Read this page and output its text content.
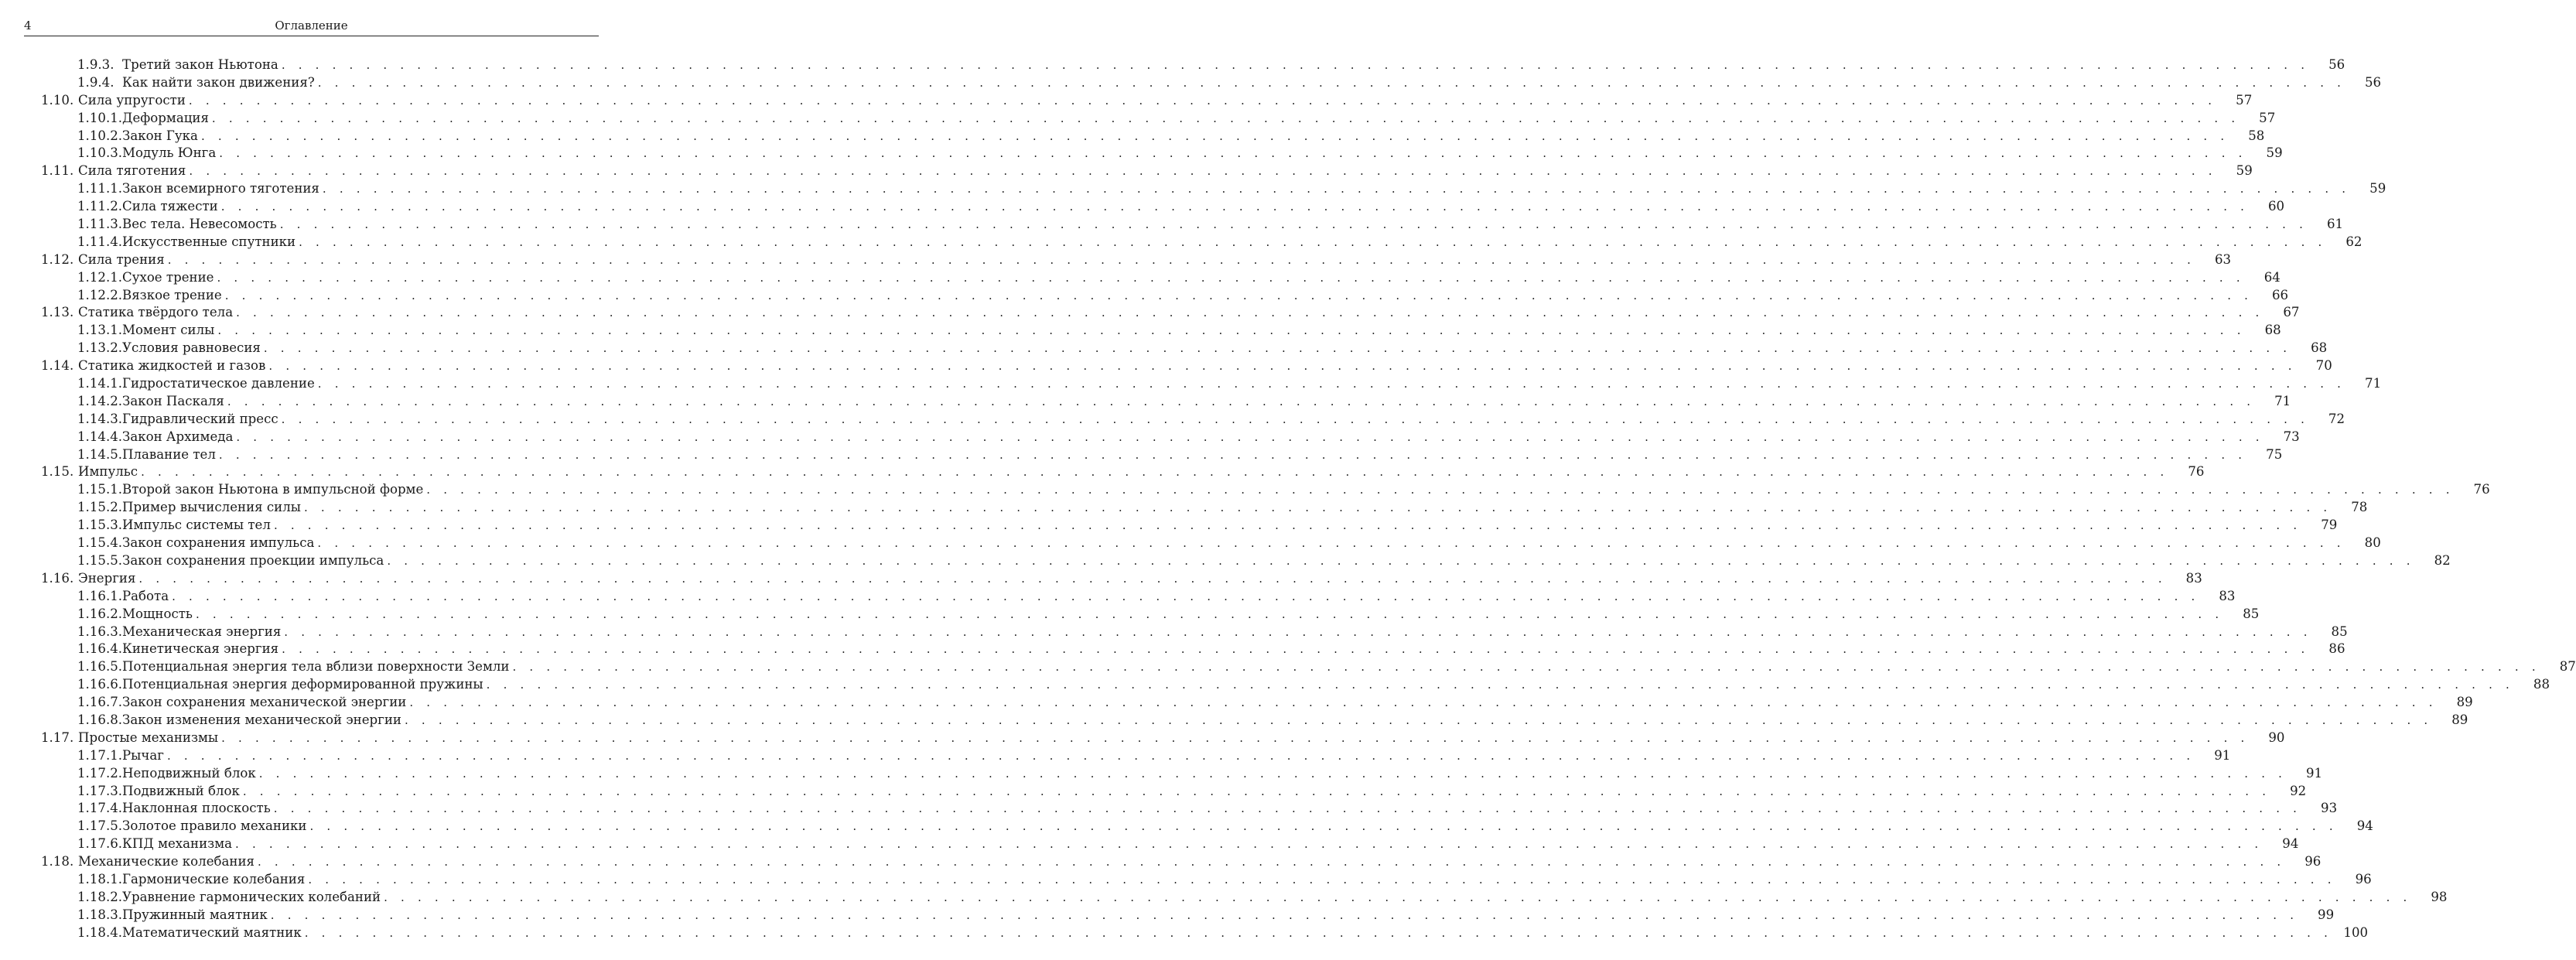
4	Оглавление
1.9.3. Третий закон Ньютона . . . . . . . . . . . . . . . . . . . . . . . . . . . . . . . . . . . . . . . . . . . . . . . . . . . . . . . . . . . . . . . . . . . . . . . . . . . . . . . . . . . . . . . . . . . . . . . . . . . . . . . . . . . . . . . . . . . . . . . .	56
1.9.4. Как найти закон движения? . . . . . . . . . . . . . . . . . . . . . . . . . . . . . . . . . . . . . . . . . . . . . . . . . . . . . . . . . . . . . . . . . . . . . . . . . . . . . . . . . . . . . . . . . . . . . . . . . . . . . . . . . . . . . . . . . . . . . . . .	56
1.10. Сила упругости . . . . . . . . . . . . . . . . . . . . . . . . . . . . . . . . . . . . . . . . . . . . . . . . . . . . . . . . . . . . . . . . . . . . . . . . . . . . . . . . . . . . . . . . . . . . . . . . . . . . . . . . . . . . . . . . . . . . . . . .	57
1.10.1. Деформация . . . . . . . . . . . . . . . . . . . . . . . . . . . . . . . . . . . . . . . . . . . . . . . . . . . . . . . . . . . . . . . . . . . . . . . . . . . . . . . . . . . . . . . . . . . . . . . . . . . . . . . . . . . . . . . . . . . . . . . .	57
1.10.2. Закон Гука . . . . . . . . . . . . . . . . . . . . . . . . . . . . . . . . . . . . . . . . . . . . . . . . . . . . . . . . . . . . . . . . . . . . . . . . . . . . . . . . . . . . . . . . . . . . . . . . . . . . . . . . . . . . . . . . . . . . . . . .	58
1.10.3. Модуль Юнга . . . . . . . . . . . . . . . . . . . . . . . . . . . . . . . . . . . . . . . . . . . . . . . . . . . . . . . . . . . . . . . . . . . . . . . . . . . . . . . . . . . . . . . . . . . . . . . . . . . . . . . . . . . . . . . . . . . . . . . .	59
1.11. Сила тяготения . . . . . . . . . . . . . . . . . . . . . . . . . . . . . . . . . . . . . . . . . . . . . . . . . . . . . . . . . . . . . . . . . . . . . . . . . . . . . . . . . . . . . . . . . . . . . . . . . . . . . . . . . . . . . . . . . . . . . . . .	59
1.11.1. Закон всемирного тяготения . . . . . . . . . . . . . . . . . . . . . . . . . . . . . . . . . . . . . . . . . . . . . . . . . . . . . . . . . . . . . . . . . . . . . . . . . . . . . . . . . . . . . . . . . . . . . . . . . . . . . . . . . . . . . . . . . . . . . . . .	59
1.11.2. Сила тяжести . . . . . . . . . . . . . . . . . . . . . . . . . . . . . . . . . . . . . . . . . . . . . . . . . . . . . . . . . . . . . . . . . . . . . . . . . . . . . . . . . . . . . . . . . . . . . . . . . . . . . . . . . . . . . . . . . . . . . . . .	60
1.11.3. Вес тела. Невесомость . . . . . . . . . . . . . . . . . . . . . . . . . . . . . . . . . . . . . . . . . . . . . . . . . . . . . . . . . . . . . . . . . . . . . . . . . . . . . . . . . . . . . . . . . . . . . . . . . . . . . . . . . . . . . . . . . . . . . . . .	61
1.11.4. Искусственные спутники . . . . . . . . . . . . . . . . . . . . . . . . . . . . . . . . . . . . . . . . . . . . . . . . . . . . . . . . . . . . . . . . . . . . . . . . . . . . . . . . . . . . . . . . . . . . . . . . . . . . . . . . . . . . . . . . . . . . . . . .	62
1.12. Сила трения . . . . . . . . . . . . . . . . . . . . . . . . . . . . . . . . . . . . . . . . . . . . . . . . . . . . . . . . . . . . . . . . . . . . . . . . . . . . . . . . . . . . . . . . . . . . . . . . . . . . . . . . . . . . . . . . . . . . . . . .	63
1.12.1. Сухое трение . . . . . . . . . . . . . . . . . . . . . . . . . . . . . . . . . . . . . . . . . . . . . . . . . . . . . . . . . . . . . . . . . . . . . . . . . . . . . . . . . . . . . . . . . . . . . . . . . . . . . . . . . . . . . . . . . . . . . . . .	64
1.12.2. Вязкое трение . . . . . . . . . . . . . . . . . . . . . . . . . . . . . . . . . . . . . . . . . . . . . . . . . . . . . . . . . . . . . . . . . . . . . . . . . . . . . . . . . . . . . . . . . . . . . . . . . . . . . . . . . . . . . . . . . . . . . . . .	66
1.13. Статика твёрдого тела . . . . . . . . . . . . . . . . . . . . . . . . . . . . . . . . . . . . . . . . . . . . . . . . . . . . . . . . . . . . . . . . . . . . . . . . . . . . . . . . . . . . . . . . . . . . . . . . . . . . . . . . . . . . . . . . . . . . . . . .	67
1.13.1. Момент силы . . . . . . . . . . . . . . . . . . . . . . . . . . . . . . . . . . . . . . . . . . . . . . . . . . . . . . . . . . . . . . . . . . . . . . . . . . . . . . . . . . . . . . . . . . . . . . . . . . . . . . . . . . . . . . . . . . . . . . . .	68
1.13.2. Условия равновесия . . . . . . . . . . . . . . . . . . . . . . . . . . . . . . . . . . . . . . . . . . . . . . . . . . . . . . . . . . . . . . . . . . . . . . . . . . . . . . . . . . . . . . . . . . . . . . . . . . . . . . . . . . . . . . . . . . . . . . . .	68
1.14. Статика жидкостей и газов . . . . . . . . . . . . . . . . . . . . . . . . . . . . . . . . . . . . . . . . . . . . . . . . . . . . . . . . . . . . . . . . . . . . . . . . . . . . . . . . . . . . . . . . . . . . . . . . . . . . . . . . . . . . . . . . . . . . . . . .	70
1.14.1. Гидростатическое давление . . . . . . . . . . . . . . . . . . . . . . . . . . . . . . . . . . . . . . . . . . . . . . . . . . . . . . . . . . . . . . . . . . . . . . . . . . . . . . . . . . . . . . . . . . . . . . . . . . . . . . . . . . . . . . . . . . . . . . . .	71
1.14.2. Закон Паскаля . . . . . . . . . . . . . . . . . . . . . . . . . . . . . . . . . . . . . . . . . . . . . . . . . . . . . . . . . . . . . . . . . . . . . . . . . . . . . . . . . . . . . . . . . . . . . . . . . . . . . . . . . . . . . . . . . . . . . . . .	71
1.14.3. Гидравлический пресс . . . . . . . . . . . . . . . . . . . . . . . . . . . . . . . . . . . . . . . . . . . . . . . . . . . . . . . . . . . . . . . . . . . . . . . . . . . . . . . . . . . . . . . . . . . . . . . . . . . . . . . . . . . . . . . . . . . . . . . .	72
1.14.4. Закон Архимеда . . . . . . . . . . . . . . . . . . . . . . . . . . . . . . . . . . . . . . . . . . . . . . . . . . . . . . . . . . . . . . . . . . . . . . . . . . . . . . . . . . . . . . . . . . . . . . . . . . . . . . . . . . . . . . . . . . . . . . . .	73
1.14.5. Плавание тел . . . . . . . . . . . . . . . . . . . . . . . . . . . . . . . . . . . . . . . . . . . . . . . . . . . . . . . . . . . . . . . . . . . . . . . . . . . . . . . . . . . . . . . . . . . . . . . . . . . . . . . . . . . . . . . . . . . . . . . .	75
1.15. Импульс . . . . . . . . . . . . . . . . . . . . . . . . . . . . . . . . . . . . . . . . . . . . . . . . . . . . . . . . . . . . . . . . . . . . . . . . . . . . . . . . . . . . . . . . . . . . . . . . . . . . . . . . . . . . . . . . . . . . . . . .	76
1.15.1. Второй закон Ньютона в импульсной форме . . . . . . . . . . . . . . . . . . . . . . . . . . . . . . . . . . . . . . . . . . . . . . . . . . . . . . . . . . . . . . . . . . . . . . . . . . . . . . . . . . . . . . . . . . . . . . . . . . . . . . . . . . . . . . . . . . . . . . . .	76
1.15.2. Пример вычисления силы . . . . . . . . . . . . . . . . . . . . . . . . . . . . . . . . . . . . . . . . . . . . . . . . . . . . . . . . . . . . . . . . . . . . . . . . . . . . . . . . . . . . . . . . . . . . . . . . . . . . . . . . . . . . . . . . . . . . . . . .	78
1.15.3. Импульс системы тел . . . . . . . . . . . . . . . . . . . . . . . . . . . . . . . . . . . . . . . . . . . . . . . . . . . . . . . . . . . . . . . . . . . . . . . . . . . . . . . . . . . . . . . . . . . . . . . . . . . . . . . . . . . . . . . . . . . . . . . .	79
1.15.4. Закон сохранения импульса . . . . . . . . . . . . . . . . . . . . . . . . . . . . . . . . . . . . . . . . . . . . . . . . . . . . . . . . . . . . . . . . . . . . . . . . . . . . . . . . . . . . . . . . . . . . . . . . . . . . . . . . . . . . . . . . . . . . . . . .	80
1.15.5. Закон сохранения проекции импульса . . . . . . . . . . . . . . . . . . . . . . . . . . . . . . . . . . . . . . . . . . . . . . . . . . . . . . . . . . . . . . . . . . . . . . . . . . . . . . . . . . . . . . . . . . . . . . . . . . . . . . . . . . . . . . . . . . . . . . . .	82
1.16. Энергия . . . . . . . . . . . . . . . . . . . . . . . . . . . . . . . . . . . . . . . . . . . . . . . . . . . . . . . . . . . . . . . . . . . . . . . . . . . . . . . . . . . . . . . . . . . . . . . . . . . . . . . . . . . . . . . . . . . . . . . .	83
1.16.1. Работа . . . . . . . . . . . . . . . . . . . . . . . . . . . . . . . . . . . . . . . . . . . . . . . . . . . . . . . . . . . . . . . . . . . . . . . . . . . . . . . . . . . . . . . . . . . . . . . . . . . . . . . . . . . . . . . . . . . . . . . .	83
1.16.2. Мощность . . . . . . . . . . . . . . . . . . . . . . . . . . . . . . . . . . . . . . . . . . . . . . . . . . . . . . . . . . . . . . . . . . . . . . . . . . . . . . . . . . . . . . . . . . . . . . . . . . . . . . . . . . . . . . . . . . . . . . . .	85
1.16.3. Механическая энергия . . . . . . . . . . . . . . . . . . . . . . . . . . . . . . . . . . . . . . . . . . . . . . . . . . . . . . . . . . . . . . . . . . . . . . . . . . . . . . . . . . . . . . . . . . . . . . . . . . . . . . . . . . . . . . . . . . . . . . . .	85
1.16.4. Кинетическая энергия . . . . . . . . . . . . . . . . . . . . . . . . . . . . . . . . . . . . . . . . . . . . . . . . . . . . . . . . . . . . . . . . . . . . . . . . . . . . . . . . . . . . . . . . . . . . . . . . . . . . . . . . . . . . . . . . . . . . . . . .	86
1.16.5. Потенциальная энергия тела вблизи поверхности Земли . . . . . . . . . . . . . . . . . . . . . . . . . . . . . . . . . . . . . . . . . . . . . . . . . . . . . . . . . . . . . . . . . . . . . . . . . . . . . . . . . . . . . . . . . . . . . . . . . . . . . . . . . . . . . . . . . . . . . . . .	87
1.16.6. Потенциальная энергия деформированной пружины . . . . . . . . . . . . . . . . . . . . . . . . . . . . . . . . . . . . . . . . . . . . . . . . . . . . . . . . . . . . . . . . . . . . . . . . . . . . . . . . . . . . . . . . . . . . . . . . . . . . . . . . . . . . . . . . . . . . . . . .	88
1.16.7. Закон сохранения механической энергии . . . . . . . . . . . . . . . . . . . . . . . . . . . . . . . . . . . . . . . . . . . . . . . . . . . . . . . . . . . . . . . . . . . . . . . . . . . . . . . . . . . . . . . . . . . . . . . . . . . . . . . . . . . . . . . . . . . . . . . .	89
1.16.8. Закон изменения механической энергии . . . . . . . . . . . . . . . . . . . . . . . . . . . . . . . . . . . . . . . . . . . . . . . . . . . . . . . . . . . . . . . . . . . . . . . . . . . . . . . . . . . . . . . . . . . . . . . . . . . . . . . . . . . . . . . . . . . . . . . .	89
1.17. Простые механизмы . . . . . . . . . . . . . . . . . . . . . . . . . . . . . . . . . . . . . . . . . . . . . . . . . . . . . . . . . . . . . . . . . . . . . . . . . . . . . . . . . . . . . . . . . . . . . . . . . . . . . . . . . . . . . . . . . . . . . . . .	90
1.17.1. Рычаг . . . . . . . . . . . . . . . . . . . . . . . . . . . . . . . . . . . . . . . . . . . . . . . . . . . . . . . . . . . . . . . . . . . . . . . . . . . . . . . . . . . . . . . . . . . . . . . . . . . . . . . . . . . . . . . . . . . . . . . .	91
1.17.2. Неподвижный блок . . . . . . . . . . . . . . . . . . . . . . . . . . . . . . . . . . . . . . . . . . . . . . . . . . . . . . . . . . . . . . . . . . . . . . . . . . . . . . . . . . . . . . . . . . . . . . . . . . . . . . . . . . . . . . . . . . . . . . . .	91
1.17.3. Подвижный блок . . . . . . . . . . . . . . . . . . . . . . . . . . . . . . . . . . . . . . . . . . . . . . . . . . . . . . . . . . . . . . . . . . . . . . . . . . . . . . . . . . . . . . . . . . . . . . . . . . . . . . . . . . . . . . . . . . . . . . . .	92
1.17.4. Наклонная плоскость . . . . . . . . . . . . . . . . . . . . . . . . . . . . . . . . . . . . . . . . . . . . . . . . . . . . . . . . . . . . . . . . . . . . . . . . . . . . . . . . . . . . . . . . . . . . . . . . . . . . . . . . . . . . . . . . . . . . . . . .	93
1.17.5. Золотое правило механики . . . . . . . . . . . . . . . . . . . . . . . . . . . . . . . . . . . . . . . . . . . . . . . . . . . . . . . . . . . . . . . . . . . . . . . . . . . . . . . . . . . . . . . . . . . . . . . . . . . . . . . . . . . . . . . . . . . . . . . .	94
1.17.6. КПД механизма . . . . . . . . . . . . . . . . . . . . . . . . . . . . . . . . . . . . . . . . . . . . . . . . . . . . . . . . . . . . . . . . . . . . . . . . . . . . . . . . . . . . . . . . . . . . . . . . . . . . . . . . . . . . . . . . . . . . . . . .	94
1.18. Механические колебания . . . . . . . . . . . . . . . . . . . . . . . . . . . . . . . . . . . . . . . . . . . . . . . . . . . . . . . . . . . . . . . . . . . . . . . . . . . . . . . . . . . . . . . . . . . . . . . . . . . . . . . . . . . . . . . . . . . . . . . .	96
1.18.1. Гармонические колебания . . . . . . . . . . . . . . . . . . . . . . . . . . . . . . . . . . . . . . . . . . . . . . . . . . . . . . . . . . . . . . . . . . . . . . . . . . . . . . . . . . . . . . . . . . . . . . . . . . . . . . . . . . . . . . . . . . . . . . . .	96
1.18.2. Уравнение гармонических колебаний . . . . . . . . . . . . . . . . . . . . . . . . . . . . . . . . . . . . . . . . . . . . . . . . . . . . . . . . . . . . . . . . . . . . . . . . . . . . . . . . . . . . . . . . . . . . . . . . . . . . . . . . . . . . . . . . . . . . . . . .	98
1.18.3. Пружинный маятник . . . . . . . . . . . . . . . . . . . . . . . . . . . . . . . . . . . . . . . . . . . . . . . . . . . . . . . . . . . . . . . . . . . . . . . . . . . . . . . . . . . . . . . . . . . . . . . . . . . . . . . . . . . . . . . . . . . . . . . .	99
1.18.4. Математический маятник . . . . . . . . . . . . . . . . . . . . . . . . . . . . . . . . . . . . . . . . . . . . . . . . . . . . . . . . . . . . . . . . . . . . . . . . . . . . . . . . . . . . . . . . . . . . . . . . . . . . . . . . . . . . . . . . . . . . . . . . 100
